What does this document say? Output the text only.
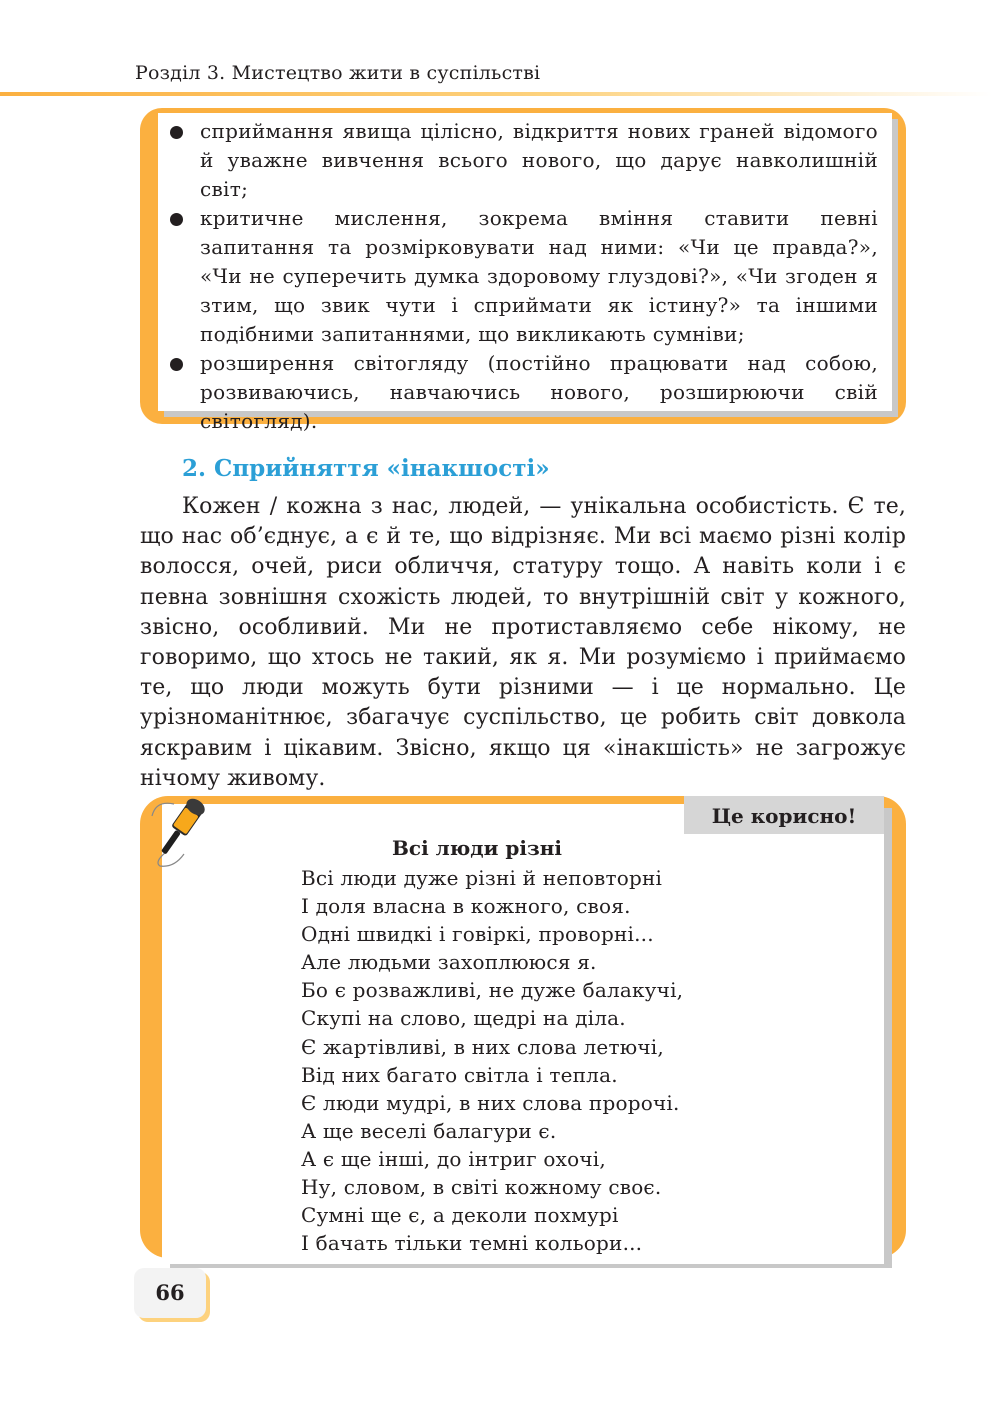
Розділ 3. Мистецтво жити в суспільстві
сприймання явища цілісно, відкриття нових граней відомого й уважне вивчення всього нового, що дарує навколишній світ;
критичне мислення, зокрема вміння ставити певні запитання та розмірковувати над ними: «Чи це правда?», «Чи не суперечить думка здоровому глуздові?», «Чи згоден я зтим, що звик чути і сприймати як істину?» та іншими подібними запитаннями, що викликають сумніви;
розширення світогляду (постійно працювати над собою, розвиваючись, навчаючись нового, розширюючи свій світогляд).
2. Сприйняття «інакшості»

Кожен / кожна з нас, людей, — унікальна особистість. Є те, що нас об’єднує, а є й те, що відрізняє. Ми всі маємо різні колір волосся, очей, риси обличчя, статуру тощо. А навіть коли і є певна зовнішня схожість людей, то внутрішній світ у кожного, звісно, особливий. Ми не протиставляємо себе нікому, не говоримо, що хтось не такий, як я. Ми розуміємо і приймаємо те, що люди можуть бути різними — і це нормально. Це урізноманітнює, збагачує суспільство, це робить світ довкола яскравим і цікавим. Звісно, якщо ця «інакшість» не загрожує нічому живому.

Це корисно!
Всі люди різні
Всі люди дуже різні й неповторні
І доля власна в кожного, своя.
Одні швидкі і говіркі, проворні...
Але людьми захоплююся я.
Бо є розважливі, не дуже балакучі,
Скупі на слово, щедрі на діла.
Є жартівливі, в них слова летючі,
Від них багато світла і тепла.
Є люди мудрі, в них слова пророчі.
А ще веселі балагури є.
А є ще інші, до інтриг охочі,
Ну, словом, в світі кожному своє.
Сумні ще є, а деколи похмурі
І бачать тільки темні кольори...
66
